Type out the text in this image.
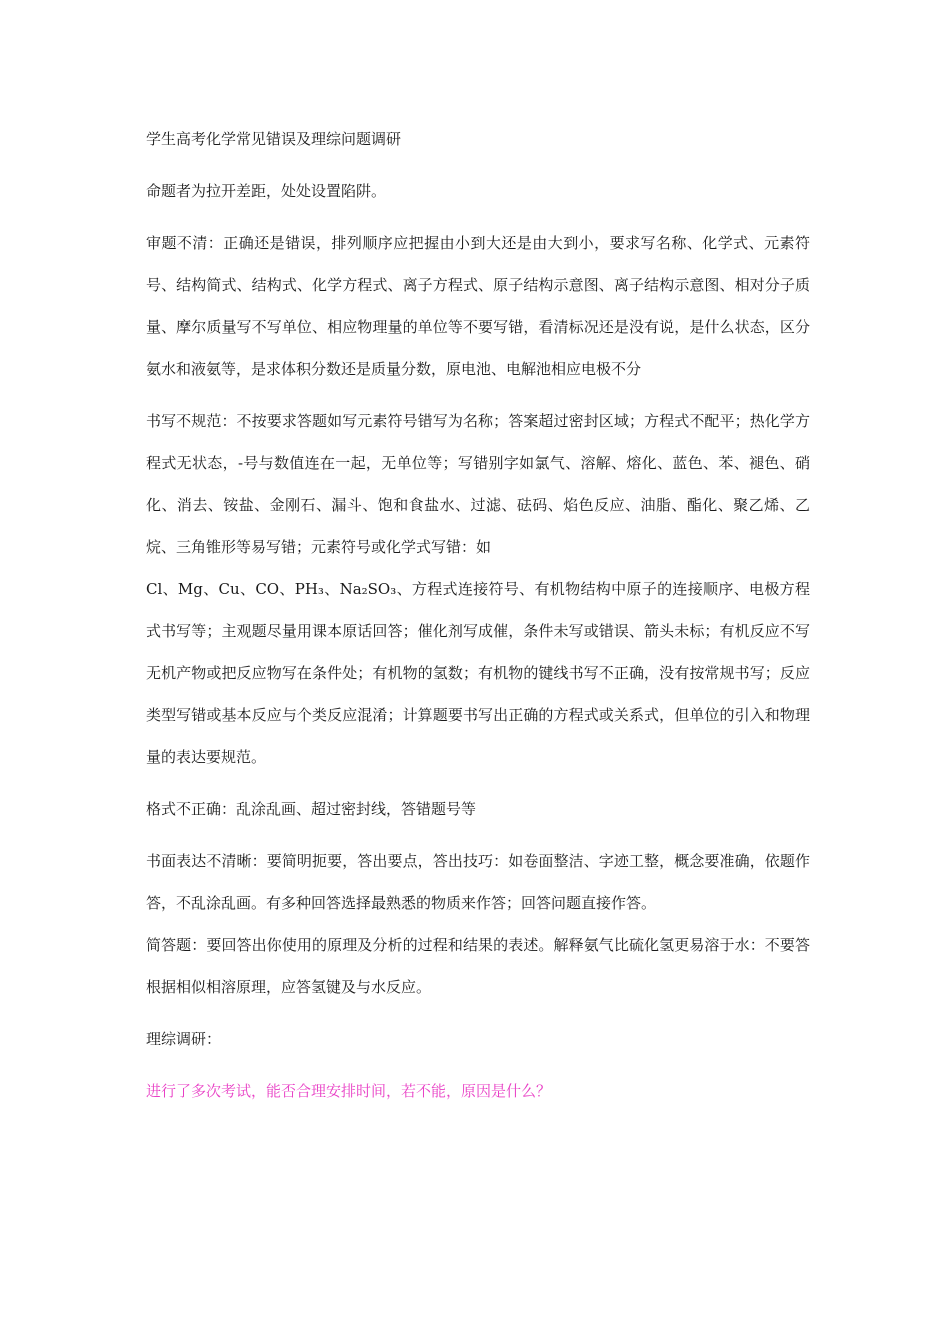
学生高考化学常见错误及理综问题调研

命题者为拉开差距，处处设置陷阱。

审题不清：正确还是错误，排列顺序应把握由小到大还是由大到小，要求写名称、化学式、元素符号、结构简式、结构式、化学方程式、离子方程式、原子结构示意图、离子结构示意图、相对分子质量、摩尔质量写不写单位、相应物理量的单位等不要写错，看清标况还是没有说，是什么状态，区分氨水和液氨等，是求体积分数还是质量分数，原电池、电解池相应电极不分

书写不规范：不按要求答题如写元素符号错写为名称；答案超过密封区域；方程式不配平；热化学方程式无状态，-号与数值连在一起，无单位等；写错别字如氯气、溶解、熔化、蓝色、苯、褪色、硝化、消去、铵盐、金刚石、漏斗、饱和食盐水、过滤、砝码、焰色反应、油脂、酯化、聚乙烯、乙烷、三角锥形等易写错；元素符号或化学式写错：如

Cl、Mg、Cu、CO、PH₃、Na₂SO₃、方程式连接符号、有机物结构中原子的连接顺序、电极方程式书写等；主观题尽量用课本原话回答；催化剂写成催，条件未写或错误、箭头未标；有机反应不写无机产物或把反应物写在条件处；有机物的氢数；有机物的键线书写不正确，没有按常规书写；反应类型写错或基本反应与个类反应混淆；计算题要书写出正确的方程式或关系式，但单位的引入和物理量的表达要规范。

格式不正确：乱涂乱画、超过密封线，答错题号等

书面表达不清晰：要简明扼要，答出要点，答出技巧：如卷面整洁、字迹工整，概念要准确，依题作答，不乱涂乱画。有多种回答选择最熟悉的物质来作答；回答问题直接作答。

简答题：要回答出你使用的原理及分析的过程和结果的表述。解释氨气比硫化氢更易溶于水：不要答根据相似相溶原理，应答氢键及与水反应。

理综调研：

进行了多次考试，能否合理安排时间，若不能，原因是什么？
